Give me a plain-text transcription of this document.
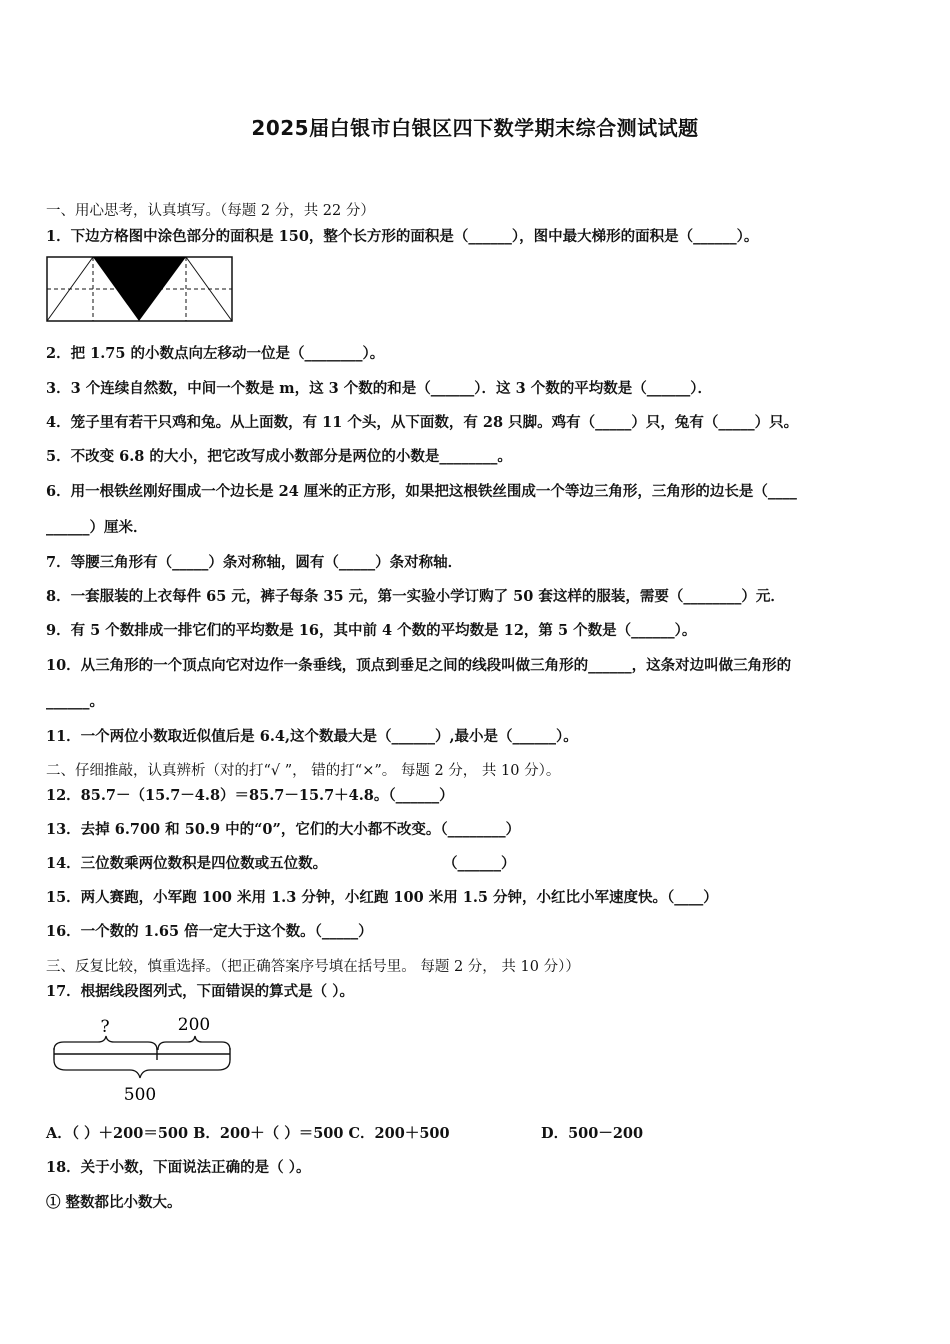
2025届白银市白银区四下数学期末综合测试试题
一、用心思考，认真填写。（每题 2 分，共 22 分）
1．下边方格图中涂色部分的面积是 150，整个长方形的面积是（______），图中最大梯形的面积是（______）。
2．把 1.75 的小数点向左移动一位是（________）。
3．3 个连续自然数，中间一个数是 m，这 3 个数的和是（______）．这 3 个数的平均数是（______）．
4．笼子里有若干只鸡和兔。从上面数，有 11 个头，从下面数，有 28 只脚。鸡有（_____）只，兔有（_____）只。
5．不改变 6.8 的大小，把它改写成小数部分是两位的小数是________。
6．用一根铁丝刚好围成一个边长是 24 厘米的正方形，如果把这根铁丝围成一个等边三角形，三角形的边长是（____
______）厘米．
7．等腰三角形有（_____）条对称轴，圆有（_____）条对称轴．
8．一套服装的上衣每件 65 元，裤子每条 35 元，第一实验小学订购了 50 套这样的服装，需要（________）元．
9．有 5 个数排成一排它们的平均数是 16，其中前 4 个数的平均数是 12，第 5 个数是（______）。
10．从三角形的一个顶点向它对边作一条垂线，顶点到垂足之间的线段叫做三角形的______，这条对边叫做三角形的
______。
11．一个两位小数取近似值后是 6.4,这个数最大是（______）,最小是（______）。
二、仔细推敲，认真辨析（对的打“√ ”， 错的打“×”。 每题 2 分， 共 10 分）。
12．85.7－（15.7－4.8）＝85.7－15.7＋4.8。（______）
13．去掉 6.700 和 50.9 中的“0”，它们的大小都不改变。（________）
14．三位数乘两位数积是四位数或五位数。	（______）
15．两人赛跑，小军跑 100 米用 1.3 分钟，小红跑 100 米用 1.5 分钟，小红比小军速度快。（____）
16．一个数的 1.65 倍一定大于这个数。（_____）
三、反复比较，慎重选择。（把正确答案序号填在括号里。 每题 2 分， 共 10 分））
17．根据线段图列式，下面错误的算式是（ ）。
?	200
500
A．（ ）＋200＝500 B．200＋（ ）＝500 C．200＋500	D．500－200
18．关于小数，下面说法正确的是（ ）。
① 整数都比小数大。
